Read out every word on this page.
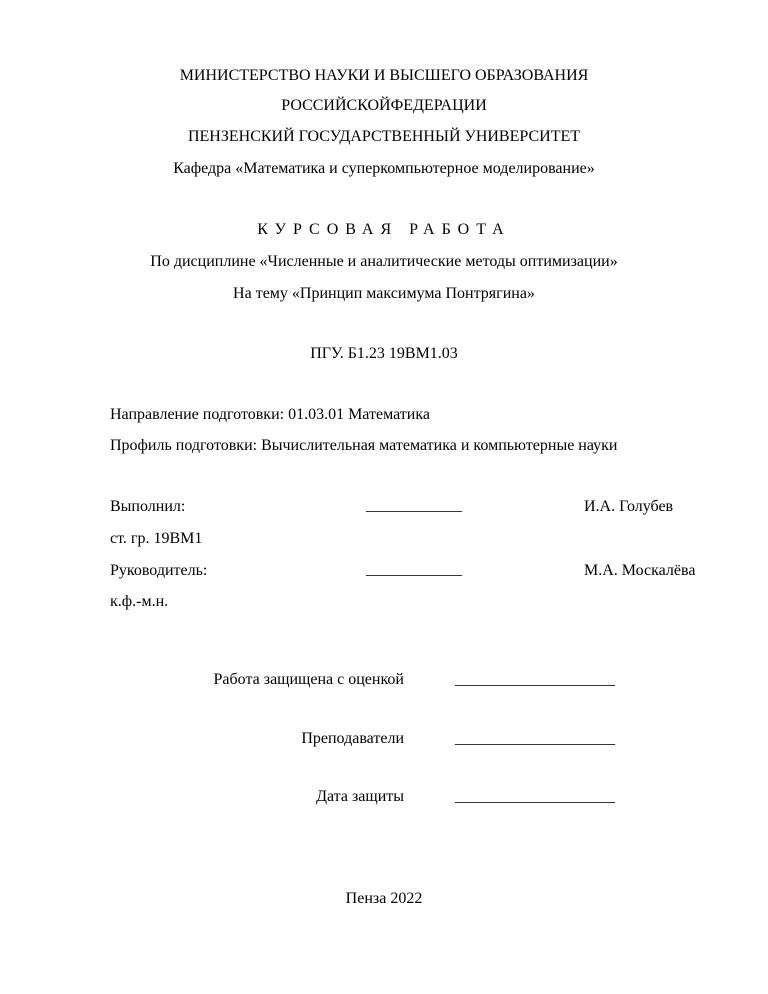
МИНИСТЕРСТВО НАУКИ И ВЫСШЕГО ОБРАЗОВАНИЯ
РОССИЙСКОЙФЕДЕРАЦИИ
ПЕНЗЕНСКИЙ ГОСУДАРСТВЕННЫЙ УНИВЕРСИТЕТ
Кафедра «Математика и суперкомпьютерное моделирование»
КУРСОВАЯ РАБОТА
По дисциплине «Численные и аналитические методы оптимизации»
На тему «Принцип максимума Понтрягина»
ПГУ. Б1.23 19ВМ1.03
Направление подготовки: 01.03.01 Математика
Профиль подготовки: Вычислительная математика и компьютерные науки
Выполнил:	____________	И.А. Голубев
ст. гр. 19ВМ1
Руководитель:	____________	М.А. Москалёва
к.ф.-м.н.
Работа защищена с оценкой	____________________
Преподаватели	____________________
Дата защиты	____________________
Пенза 2022
